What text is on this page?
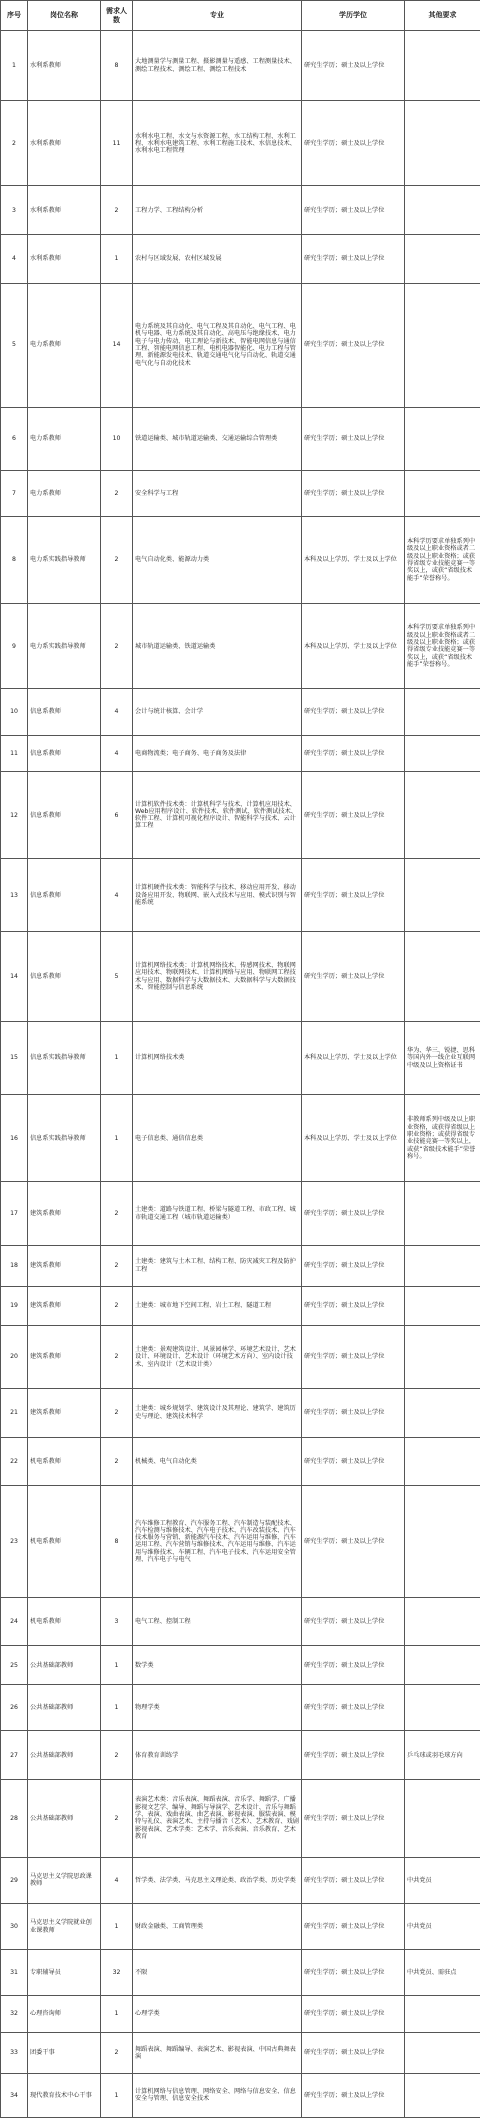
序号	岗位名称	需求人数	专业	学历学位	其他要求
1	水利系教师	8	大地测量学与测量工程、摄影测量与遥感、工程测量技术、测绘工程技术、测绘工程、测绘工程技术	研究生学历；硕士及以上学位	
2	水利系教师	11	水利水电工程、水文与水资源工程、水工结构工程、水利工程、水利水电建筑工程、水利工程施工技术、水信息技术、水利水电工程管理	研究生学历；硕士及以上学位	
3	水利系教师	2	工程力学、工程结构分析	研究生学历；硕士及以上学位	
4	水利系教师	1	农村与区域发展、农村区域发展	研究生学历；硕士及以上学位	
5	电力系教师	14	电力系统及其自动化、电气工程及其自动化、电气工程、电机与电器、电力系统及其自动化、高电压与绝缘技术、电力电子与电力传动、电工理论与新技术、智能电网信息与通信工程、智能电网信息工程、电机电器智能化、电力工程与管理、新能源发电技术、轨道交通电气化与自动化、轨道交通电气化与自动化技术	研究生学历；硕士及以上学位	
6	电力系教师	10	铁道运输类、城市轨道运输类、交通运输综合管理类	研究生学历；硕士及以上学位	
7	电力系教师	2	安全科学与工程	研究生学历；硕士及以上学位	
8	电力系实践指导教师	2	电气自动化类、能源动力类	本科及以上学历、学士及以上学位	本科学历要求单独系列中级及以上职业资格或者二级及以上职业资格；或获得省级专业技能竞赛一等奖以上，或获“省级技术能手”荣誉称号。
9	电力系实践指导教师	2	城市轨道运输类、铁道运输类	本科及以上学历、学士及以上学位	本科学历要求单独系列中级及以上职业资格或者二级及以上职业资格；或获得省级专业技能竞赛一等奖以上，或获“省级技术能手”荣誉称号。
10	信息系教师	4	会计与统计核算、会计学	研究生学历；硕士及以上学位	
11	信息系教师	4	电商物流类；电子商务、电子商务及法律	研究生学历；硕士及以上学位	
12	信息系教师	6	计算机软件技术类：计算机科学与技术、计算机应用技术、Web应用程序设计、软件技术、软件测试、软件测试技术、软件工程、计算机可视化程序设计、智能科学与技术、云计算工程	研究生学历；硕士及以上学位	
13	信息系教师	4	计算机硬件技术类：智能科学与技术、移动应用开发、移动设备应用开发、物联网、嵌入式技术与应用、模式识别与智能系统	研究生学历；硕士及以上学位	
14	信息系教师	5	计算机网络技术类：计算机网络技术、传感网技术、物联网应用技术、物联网技术、计算机网络与应用、物联网工程技术与应用、数据科学与大数据技术、大数据科学与大数据技术、智能控制与信息系统	研究生学历；硕士及以上学位	
15	信息系实践指导教师	1	计算机网络技术类	本科及以上学历、学士及以上学位	华为、华三、锐捷、思科等国内外一线企业互联网中级及以上资格证书
16	信息系实践指导教师	1	电子信息类、通信信息类	本科及以上学历、学士及以上学位	非教师系列中级及以上职业资格，或获得省级以上职业资格；或获得省级专业技能竞赛一等奖以上，或获“省级技术能手”荣誉称号。
17	建筑系教师	2	土建类：道路与铁道工程、桥梁与隧道工程、市政工程、城市轨道交通工程（城市轨道运输类）	研究生学历；硕士及以上学位	
18	建筑系教师	2	土建类：建筑与土木工程、结构工程、防灾减灾工程及防护工程	研究生学历；硕士及以上学位	
19	建筑系教师	2	土建类：城市地下空间工程、岩土工程、隧道工程	研究生学历；硕士及以上学位	
20	建筑系教师	2	土建类：景观建筑设计、风景园林学、环境艺术设计、艺术设计、环境设计、艺术设计（环境艺术方向）、室内设计技术、室内设计（艺术设计类）	研究生学历；硕士及以上学位	
21	建筑系教师	2	土建类：城乡规划学、建筑设计及其理论、建筑学、建筑历史与理论、建筑技术科学	研究生学历；硕士及以上学位	
22	机电系教师	2	机械类、电气自动化类	研究生学历；硕士及以上学位	
23	机电系教师	8	汽车维修工程教育、汽车服务工程、汽车制造与装配技术、汽车检测与维修技术、汽车电子技术、汽车改装技术、汽车技术服务与营销、新能源汽车技术、汽车运用与维修、汽车运用工程、汽车营销与维修技术、汽车运用与维修、汽车运用与维修技术、车辆工程、汽车电子技术、汽车运用安全管理、汽车电子与电气	研究生学历；硕士及以上学位	
24	机电系教师	3	电气工程、控制工程	研究生学历；硕士及以上学位	
25	公共基础部教师	1	数学类	研究生学历；硕士及以上学位	
26	公共基础部教师	1	物理学类	研究生学历；硕士及以上学位	
27	公共基础部教师	2	体育教育训练学	研究生学历；硕士及以上学位	乒乓球或羽毛球方向
28	公共基础部教师	2	表演艺术类：音乐表演、舞蹈表演、音乐学、舞蹈学、广播影视文艺学、编导、舞蹈与导演学、艺术设计、音乐与舞蹈学、表演、戏曲表演、曲艺表演、影视表演、服装表演、模特与礼仪、表演艺术、主持与播音（艺术）、艺术教育、戏剧影视表演、艺术学类：艺术学、音乐表演、音乐教育、艺术教育	研究生学历；硕士及以上学位	
29	马克思主义学院思政课教师	4	哲学类、法学类、马克思主义理论类、政治学类、历史学类	研究生学历；硕士及以上学位	中共党员
30	马克思主义学院就业创业课教师	1	财政金融类、工商管理类	研究生学历；硕士及以上学位	中共党员
31	专职辅导员	32	不限	研究生学历；硕士及以上学位	中共党员、需驻点
32	心理咨询师	1	心理学类	研究生学历；硕士及以上学位	
33	团委干事	2	舞蹈表演、舞蹈编导、表演艺术、影视表演、中国古典舞表演	研究生学历；硕士及以上学位	
34	现代教育技术中心干事	1	计算机网络与信息管理、网络安全、网络与信息安全、信息安全与管理、信息安全技术	研究生学历；硕士及以上学位	
